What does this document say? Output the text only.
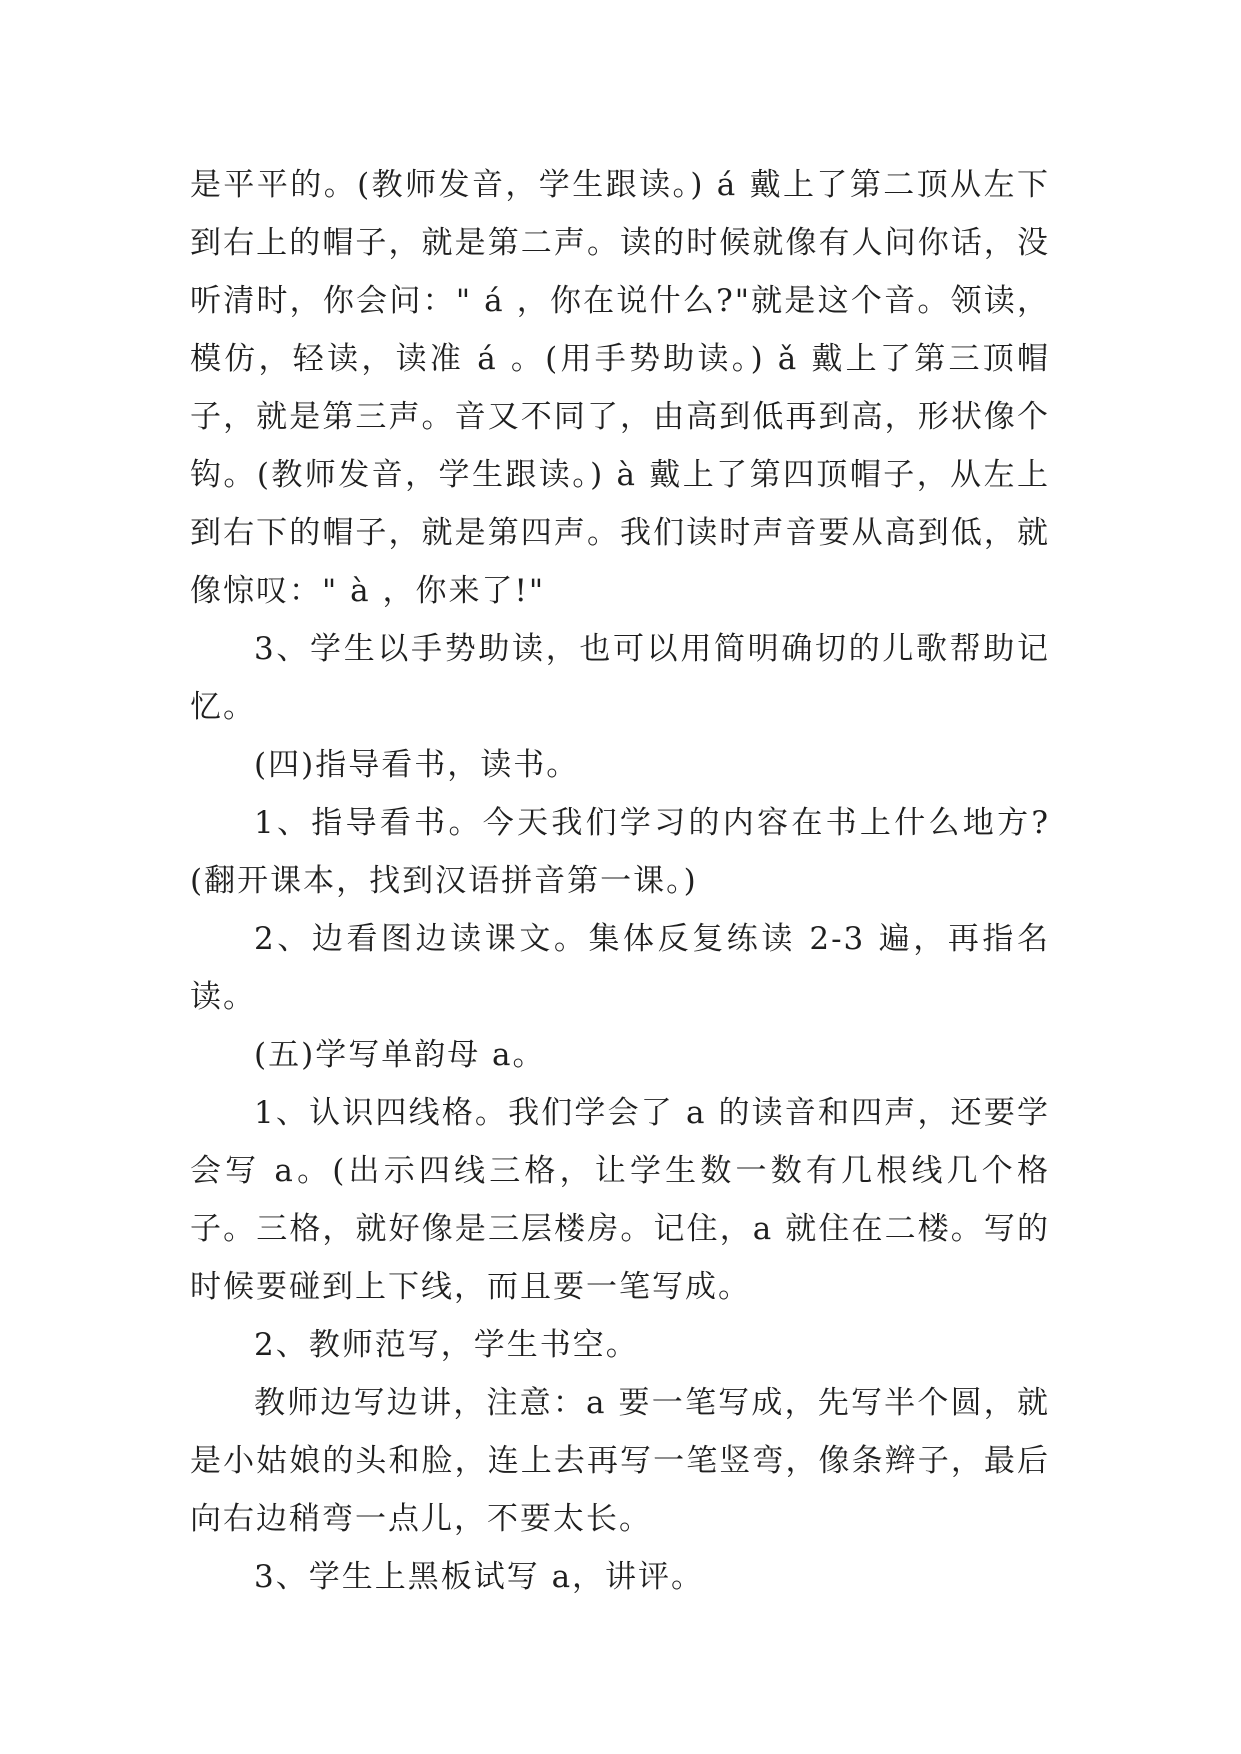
是平平的。(教师发音，学生跟读。) á 戴上了第二顶从左下到右上的帽子，就是第二声。读的时候就像有人问你话，没听清时，你会问：" á ，你在说什么?"就是这个音。领读，模仿，轻读，读准 á 。(用手势助读。) ǎ 戴上了第三顶帽子，就是第三声。音又不同了，由高到低再到高，形状像个钩。(教师发音，学生跟读。) à 戴上了第四顶帽子，从左上到右下的帽子，就是第四声。我们读时声音要从高到低，就像惊叹：" à ，你来了!"

3、学生以手势助读，也可以用简明确切的儿歌帮助记忆。

(四)指导看书，读书。

1、指导看书。今天我们学习的内容在书上什么地方?(翻开课本，找到汉语拼音第一课。)

2、边看图边读课文。集体反复练读 2-3 遍，再指名读。

(五)学写单韵母 a。

1、认识四线格。我们学会了 a 的读音和四声，还要学会写 a。(出示四线三格，让学生数一数有几根线几个格子。三格，就好像是三层楼房。记住，a 就住在二楼。写的时候要碰到上下线，而且要一笔写成。

2、教师范写，学生书空。

教师边写边讲，注意：a 要一笔写成，先写半个圆，就是小姑娘的头和脸，连上去再写一笔竖弯，像条辫子，最后向右边稍弯一点儿，不要太长。

3、学生上黑板试写 a，讲评。
